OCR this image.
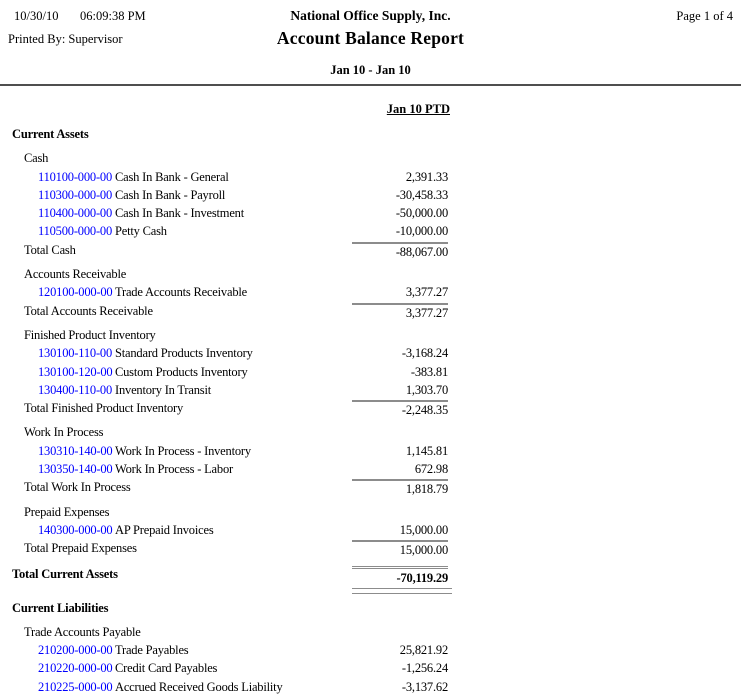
10/30/10 06:09:38 PM	National Office Supply, Inc.	Page 1 of 4
Printed By: Supervisor	Account Balance Report
Jan 10 - Jan 10
Jan 10 PTD
Current Assets
Cash
110100-000-00 Cash In Bank - General	2,391.33
110300-000-00 Cash In Bank - Payroll	-30,458.33
110400-000-00 Cash In Bank - Investment	-50,000.00
110500-000-00 Petty Cash	-10,000.00
Total Cash	-88,067.00
Accounts Receivable
120100-000-00 Trade Accounts Receivable	3,377.27
Total Accounts Receivable	3,377.27
Finished Product Inventory
130100-110-00 Standard Products Inventory	-3,168.24
130100-120-00 Custom Products Inventory	-383.81
130400-110-00 Inventory In Transit	1,303.70
Total Finished Product Inventory	-2,248.35
Work In Process
130310-140-00 Work In Process - Inventory	1,145.81
130350-140-00 Work In Process - Labor	672.98
Total Work In Process	1,818.79
Prepaid Expenses
140300-000-00 AP Prepaid Invoices	15,000.00
Total Prepaid Expenses	15,000.00
Total Current Assets	-70,119.29
Current Liabilities
Trade Accounts Payable
210200-000-00 Trade Payables	25,821.92
210220-000-00 Credit Card Payables	-1,256.24
210225-000-00 Accrued Received Goods Liability	-3,137.62
